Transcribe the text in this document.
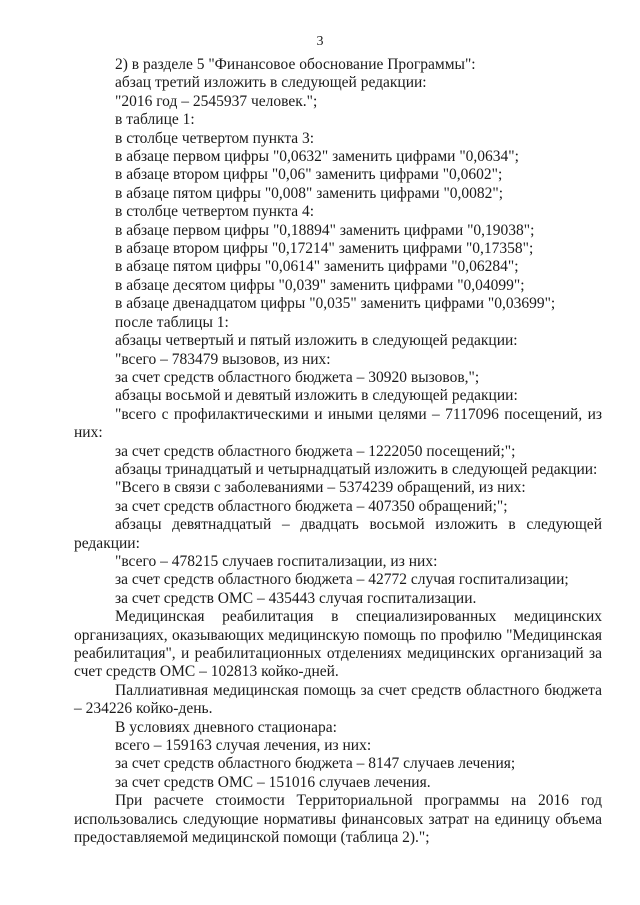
3

2) в разделе 5 "Финансовое обоснование Программы":

абзац третий изложить в следующей редакции:

"2016 год – 2545937 человек.";

в таблице 1:

в столбце четвертом пункта 3:

в абзаце первом цифры "0,0632" заменить цифрами "0,0634";

в абзаце втором цифры "0,06" заменить цифрами "0,0602";

в абзаце пятом цифры "0,008" заменить цифрами "0,0082";

в столбце четвертом пункта 4:

в абзаце первом цифры "0,18894" заменить цифрами "0,19038";

в абзаце втором цифры "0,17214" заменить цифрами "0,17358";

в абзаце пятом цифры "0,0614" заменить цифрами "0,06284";

в абзаце десятом цифры "0,039" заменить цифрами "0,04099";

в абзаце двенадцатом цифры "0,035" заменить цифрами "0,03699";

после таблицы 1:

абзацы четвертый и пятый изложить в следующей редакции:

"всего – 783479 вызовов, из них:

за счет средств областного бюджета – 30920 вызовов,";

абзацы восьмой и девятый изложить в следующей редакции:

"всего с профилактическими и иными целями – 7117096 посещений, из них:

за счет средств областного бюджета – 1222050 посещений;";

абзацы тринадцатый и четырнадцатый изложить в следующей редакции:

"Всего в связи с заболеваниями – 5374239 обращений, из них:

за счет средств областного бюджета – 407350 обращений;";

абзацы девятнадцатый – двадцать восьмой изложить в следующей редакции:

"всего – 478215 случаев госпитализации, из них:

за счет средств областного бюджета – 42772 случая госпитализации;

за счет средств ОМС – 435443 случая госпитализации.

Медицинская реабилитация в специализированных медицинских организациях, оказывающих медицинскую помощь по профилю "Медицинская реабилитация", и реабилитационных отделениях медицинских организаций за счет средств ОМС – 102813 койко-дней.

Паллиативная медицинская помощь за счет средств областного бюджета – 234226 койко-день.

В условиях дневного стационара:

всего – 159163 случая лечения, из них:

за счет средств областного бюджета – 8147 случаев лечения;

за счет средств ОМС – 151016 случаев лечения.

При расчете стоимости Территориальной программы на 2016 год использовались следующие нормативы финансовых затрат на единицу объема предоставляемой медицинской помощи (таблица 2).";
